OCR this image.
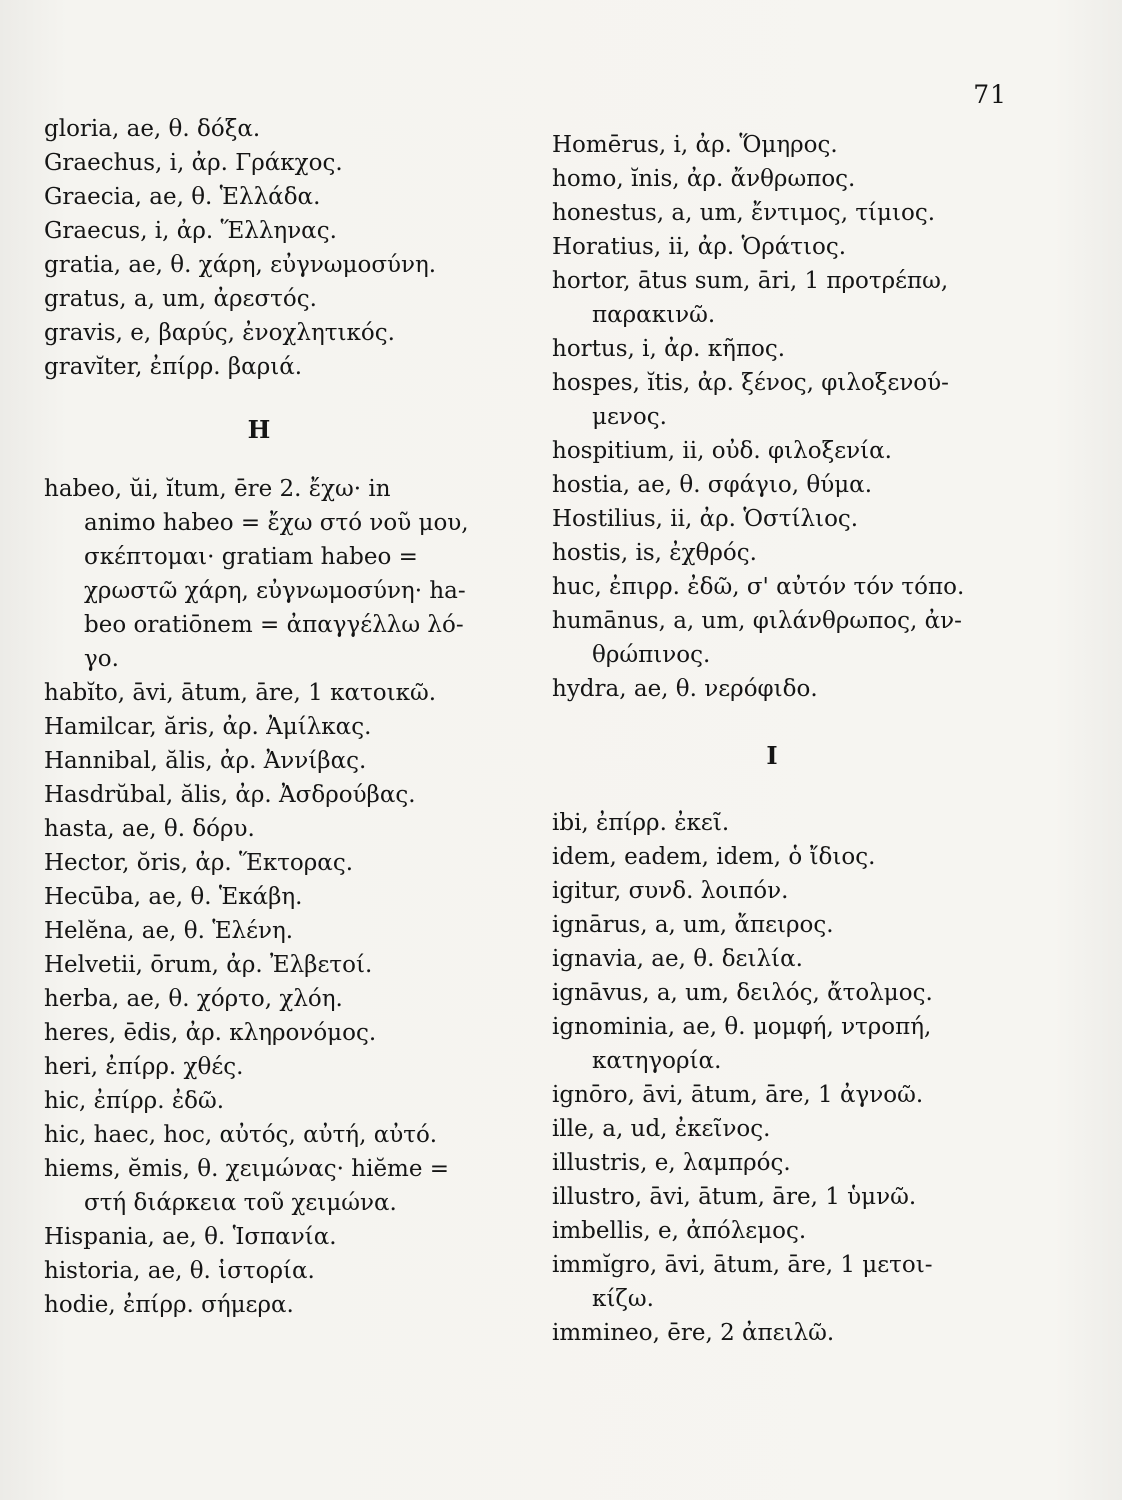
71
gloria, ae, θ. δόξα.
Graechus, i, ἀρ. Γράκχος.
Graecia, ae, θ. Ἑλλάδα.
Graecus, i, ἀρ. Ἕλληνας.
gratia, ae, θ. χάρη, εὐγνωμοσύνη.
gratus, a, um, ἀρεστός.
gravis, e, βαρύς, ἐνοχλητικός.
gravĭter, ἐπίρρ. βαριά.
H
habeo, ŭi, ĭtum, ēre 2. ἔχω· in
animo habeo = ἔχω στό νοῦ μου,
σκέπτομαι· gratiam habeo =
χρωστῶ χάρη, εὐγνωμοσύνη· ha-
beo oratiōnem = ἀπαγγέλλω λό-
γο.
habĭto, āvi, ātum, āre, 1 κατοικῶ.
Hamilcar, ăris, ἀρ. Ἀμίλκας.
Hannibal, ălis, ἀρ. Ἀννίβας.
Hasdrŭbal, ălis, ἀρ. Ἀσδρούβας.
hasta, ae, θ. δόρυ.
Hector, ŏris, ἀρ. Ἕκτορας.
Hecūba, ae, θ. Ἑκάβη.
Helĕna, ae, θ. Ἑλένη.
Helvetii, ōrum, ἀρ. Ἐλβετοί.
herba, ae, θ. χόρτο, χλόη.
heres, ēdis, ἀρ. κληρονόμος.
heri, ἐπίρρ. χθές.
hic, ἐπίρρ. ἐδῶ.
hic, haec, hoc, αὐτός, αὐτή, αὐτό.
hiems, ĕmis, θ. χειμώνας· hiĕme =
στή διάρκεια τοῦ χειμώνα.
Hispania, ae, θ. Ἱσπανία.
historia, ae, θ. ἱστορία.
hodie, ἐπίρρ. σήμερα.
Homērus, i, ἀρ. Ὅμηρος.
homo, ĭnis, ἀρ. ἄνθρωπος.
honestus, a, um, ἔντιμος, τίμιος.
Horatius, ii, ἀρ. Ὁράτιος.
hortor, ātus sum, āri, 1 προτρέπω,
παρακινῶ.
hortus, i, ἀρ. κῆπος.
hospes, ĭtis, ἀρ. ξένος, φιλοξενού-
μενος.
hospitium, ii, οὐδ. φιλοξενία.
hostia, ae, θ. σφάγιο, θύμα.
Hostilius, ii, ἀρ. Ὁστίλιος.
hostis, is, ἐχθρός.
huc, ἐπιρρ. ἐδῶ, σ' αὐτόν τόν τόπο.
humānus, a, um, φιλάνθρωπος, ἀν-
θρώπινος.
hydra, ae, θ. νερόφιδο.
I
ibi, ἐπίρρ. ἐκεῖ.
idem, eadem, idem, ὁ ἴδιος.
igitur, συνδ. λοιπόν.
ignārus, a, um, ἄπειρος.
ignavia, ae, θ. δειλία.
ignāvus, a, um, δειλός, ἄτολμος.
ignominia, ae, θ. μομφή, ντροπή,
κατηγορία.
ignōro, āvi, ātum, āre, 1 ἀγνοῶ.
ille, a, ud, ἐκεῖνος.
illustris, e, λαμπρός.
illustro, āvi, ātum, āre, 1 ὑμνῶ.
imbellis, e, ἀπόλεμος.
immĭgro, āvi, ātum, āre, 1 μετοι-
κίζω.
immineo, ēre, 2 ἀπειλῶ.
